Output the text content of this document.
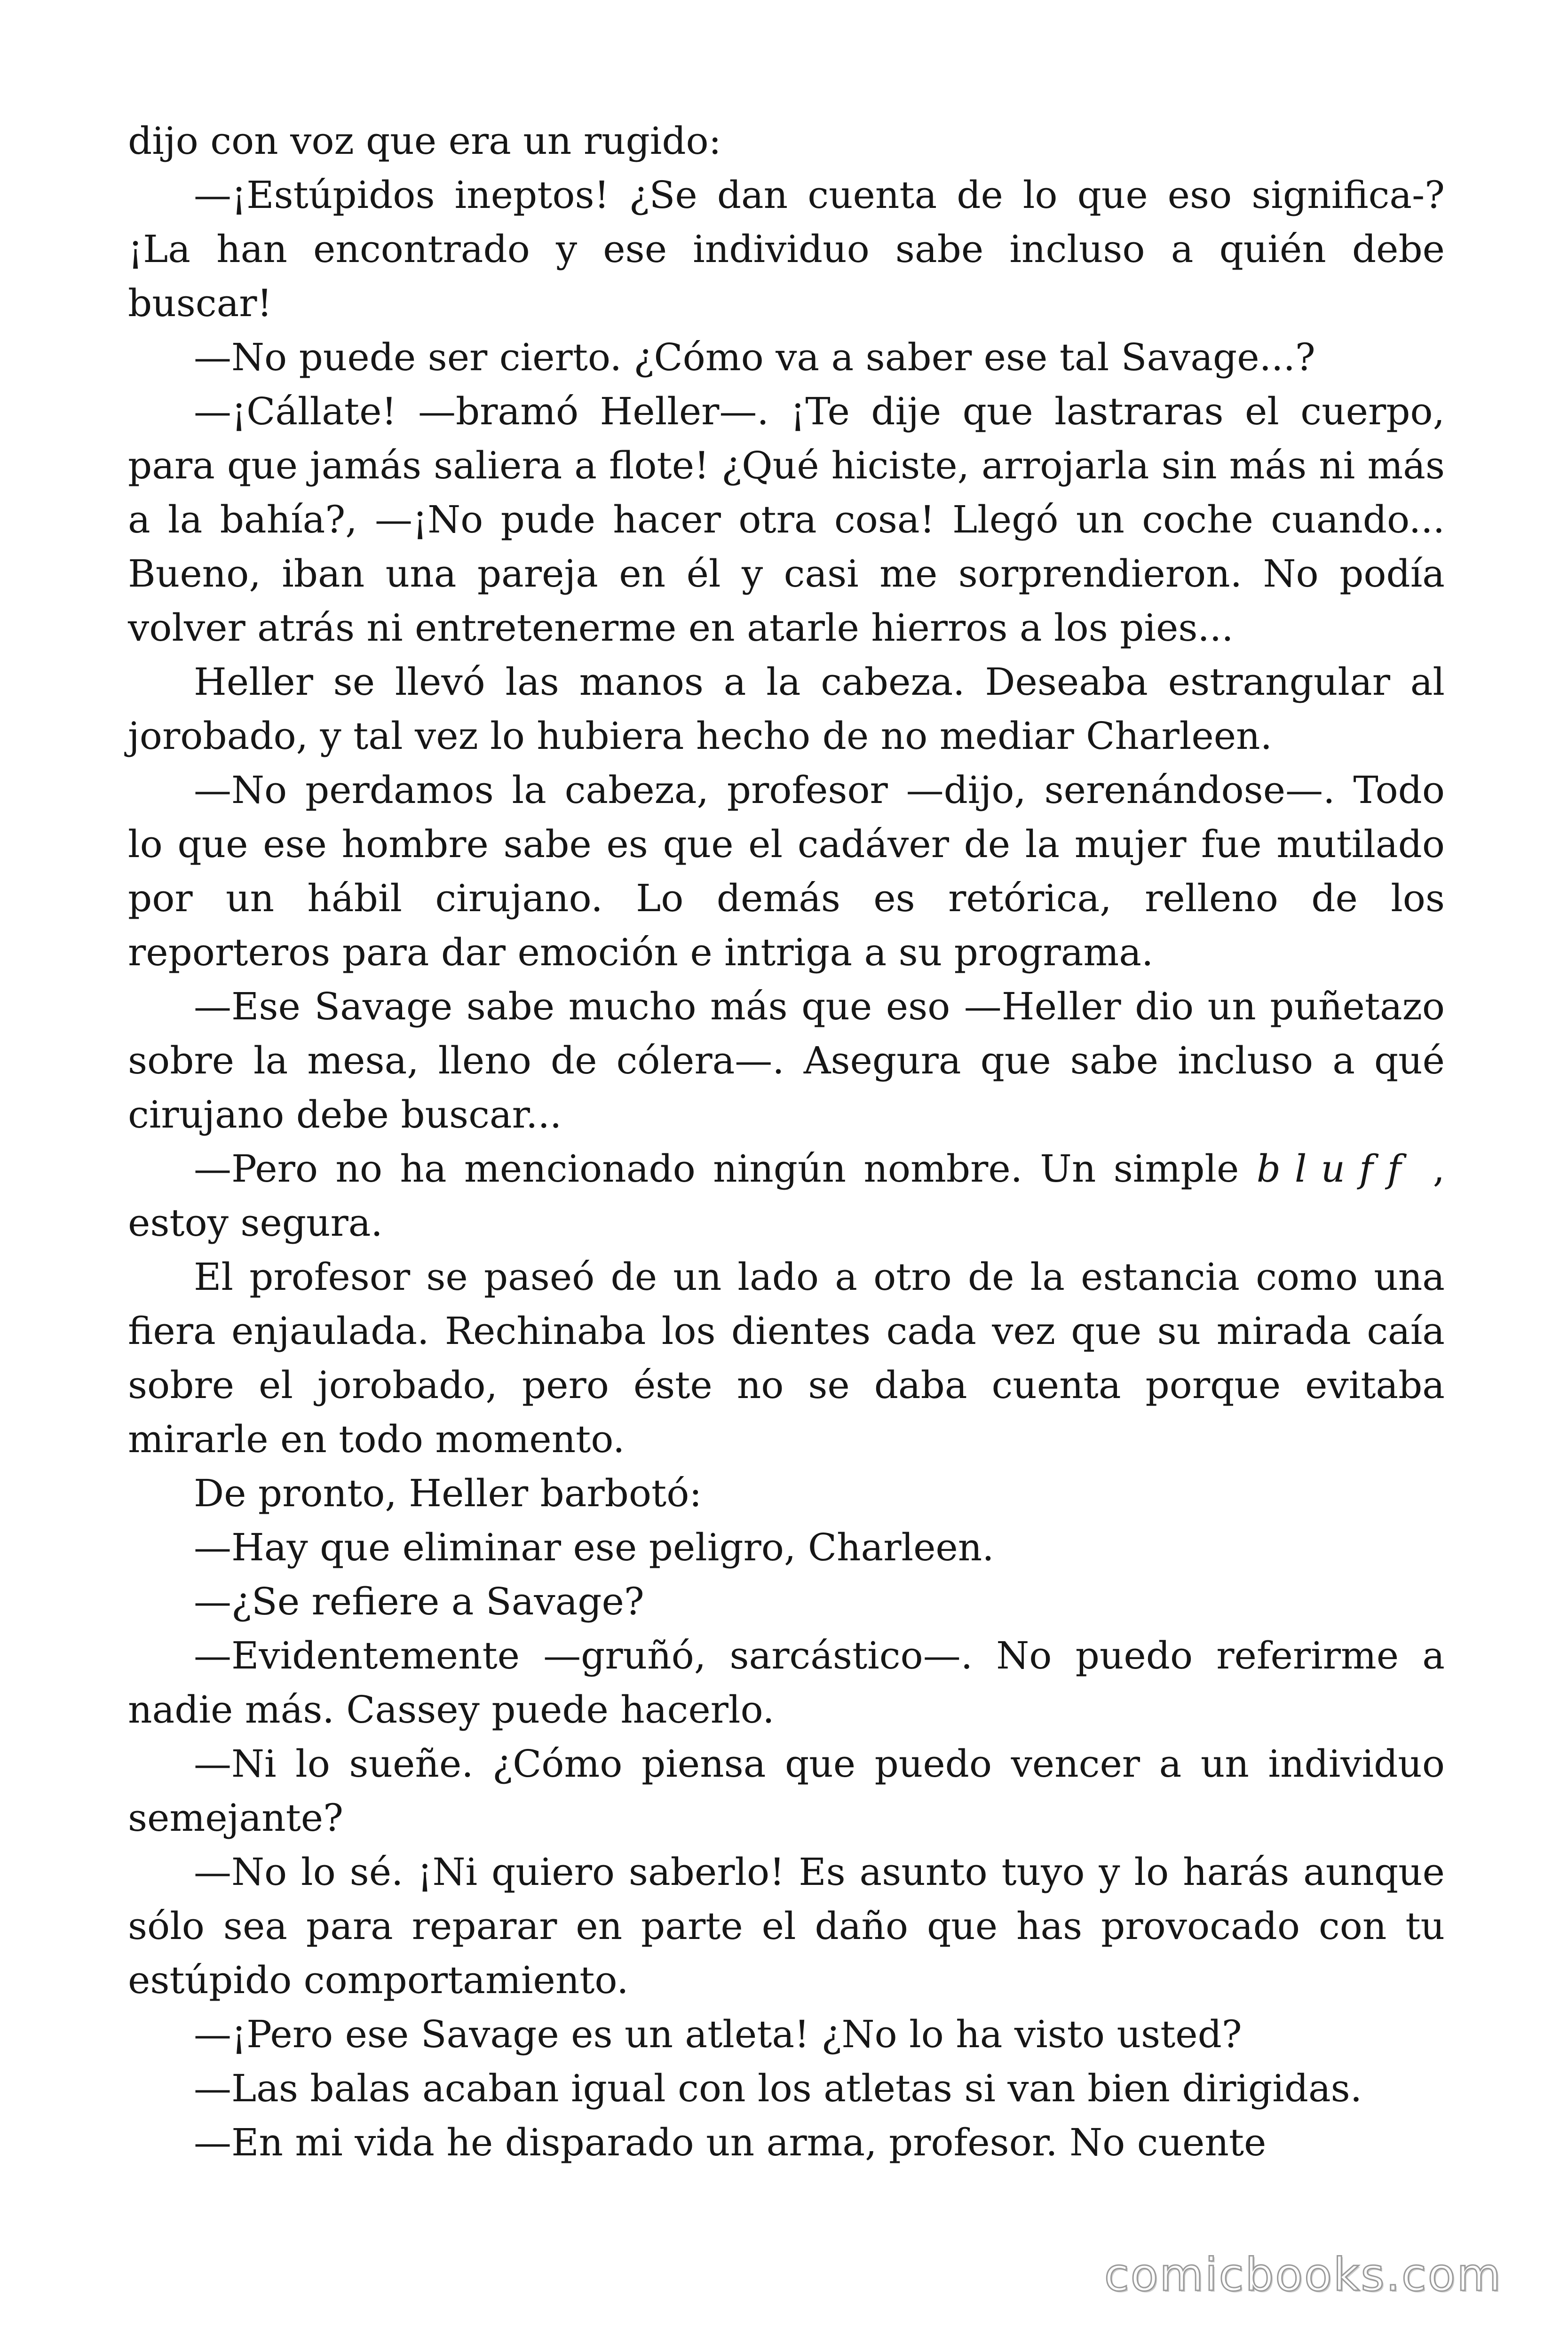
dijo con voz que era un rugido:

—¡Estúpidos ineptos! ¿Se dan cuenta de lo que eso significa-? ¡La han encontrado y ese individuo sabe incluso a quién debe buscar!

—No puede ser cierto. ¿Cómo va a saber ese tal Savage...?

—¡Cállate! —bramó Heller—. ¡Te dije que lastraras el cuerpo, para que jamás saliera a flote! ¿Qué hiciste, arrojarla sin más ni más a la bahía?, —¡No pude hacer otra cosa! Llegó un coche cuando... Bueno, iban una pareja en él y casi me sorprendieron. No podía volver atrás ni entretenerme en atarle hierros a los pies...

Heller se llevó las manos a la cabeza. Deseaba estrangular al jorobado, y tal vez lo hubiera hecho de no mediar Charleen.

—No perdamos la cabeza, profesor —dijo, serenándose—. Todo lo que ese hombre sabe es que el cadáver de la mujer fue mutilado por un hábil cirujano. Lo demás es retórica, relleno de los reporteros para dar emoción e intriga a su programa.

—Ese Savage sabe mucho más que eso —Heller dio un puñetazo sobre la mesa, lleno de cólera—. Asegura que sabe incluso a qué cirujano debe buscar...

—Pero no ha mencionado ningún nombre. Un simple bluff , estoy segura.

El profesor se paseó de un lado a otro de la estancia como una fiera enjaulada. Rechinaba los dientes cada vez que su mirada caía sobre el jorobado, pero éste no se daba cuenta porque evitaba mirarle en todo momento.

De pronto, Heller barbotó:

—Hay que eliminar ese peligro, Charleen.

—¿Se refiere a Savage?

—Evidentemente —gruñó, sarcástico—. No puedo referirme a nadie más. Cassey puede hacerlo.

—Ni lo sueñe. ¿Cómo piensa que puedo vencer a un individuo semejante?

—No lo sé. ¡Ni quiero saberlo! Es asunto tuyo y lo harás aunque sólo sea para reparar en parte el daño que has provocado con tu estúpido comportamiento.

—¡Pero ese Savage es un atleta! ¿No lo ha visto usted?

—Las balas acaban igual con los atletas si van bien dirigidas.

—En mi vida he disparado un arma, profesor. No cuente

comicbooks.com
